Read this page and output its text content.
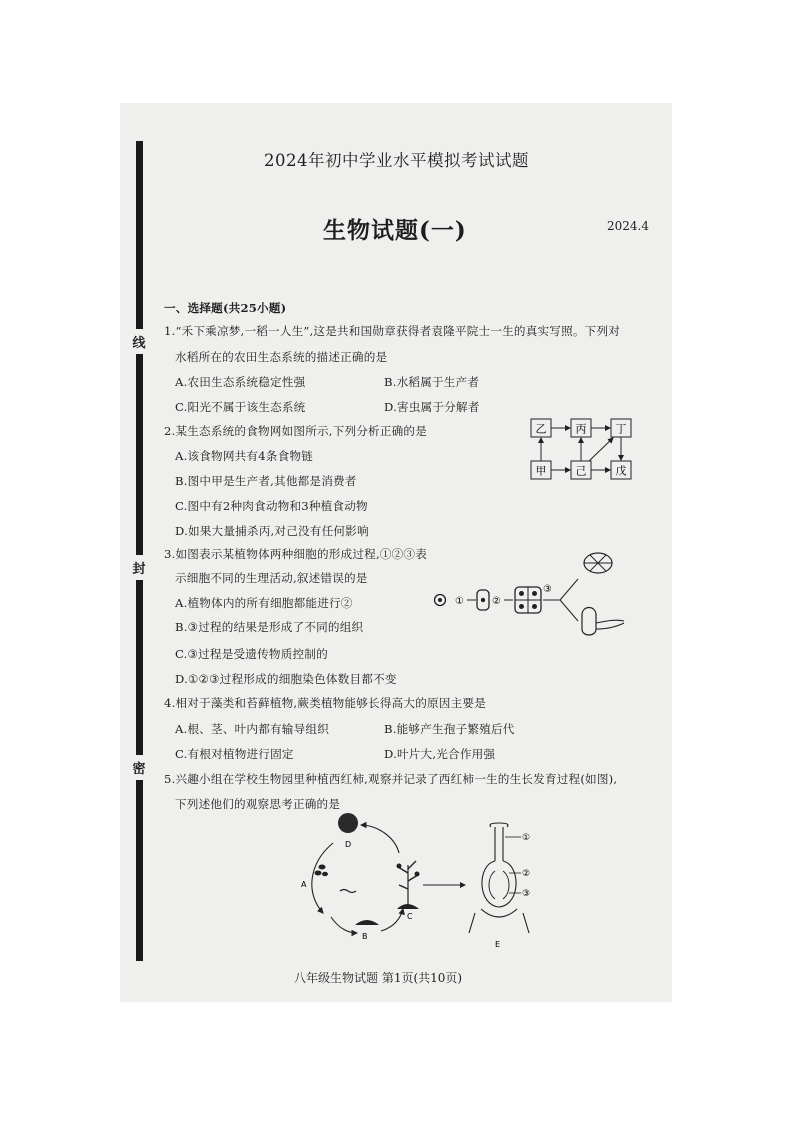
线
封
密
2024年初中学业水平模拟考试试题
生物试题(一)	2024.4
一、选择题(共25小题)
1.“禾下乘凉梦,一稻一人生”,这是共和国勋章获得者袁隆平院士一生的真实写照。下列对
水稻所在的农田生态系统的描述正确的是
A.农田生态系统稳定性强	B.水稻属于生产者
C.阳光不属于该生态系统	D.害虫属于分解者
2.某生态系统的食物网如图所示,下列分析正确的是
A.该食物网共有4条食物链
B.图中甲是生产者,其他都是消费者
C.图中有2种肉食动物和3种植食动物
D.如果大量捕杀丙,对己没有任何影响
乙	丙	丁
甲	己	戊
3.如图表示某植物体两种细胞的形成过程,①②③表
示细胞不同的生理活动,叙述错误的是
A.植物体内的所有细胞都能进行②
B.③过程的结果是形成了不同的组织
C.③过程是受遗传物质控制的
D.①②③过程形成的细胞染色体数目都不变
①	②
③
4.相对于藻类和苔藓植物,蕨类植物能够长得高大的原因主要是
A.根、茎、叶内都有输导组织	B.能够产生孢子繁殖后代
C.有根对植物进行固定	D.叶片大,光合作用强
5.兴趣小组在学校生物园里种植西红柿,观察并记录了西红柿一生的生长发育过程(如图),
下列述他们的观察思考正确的是
D
A
B
C
①
②
③
E
八年级生物试题 第1页(共10页)
